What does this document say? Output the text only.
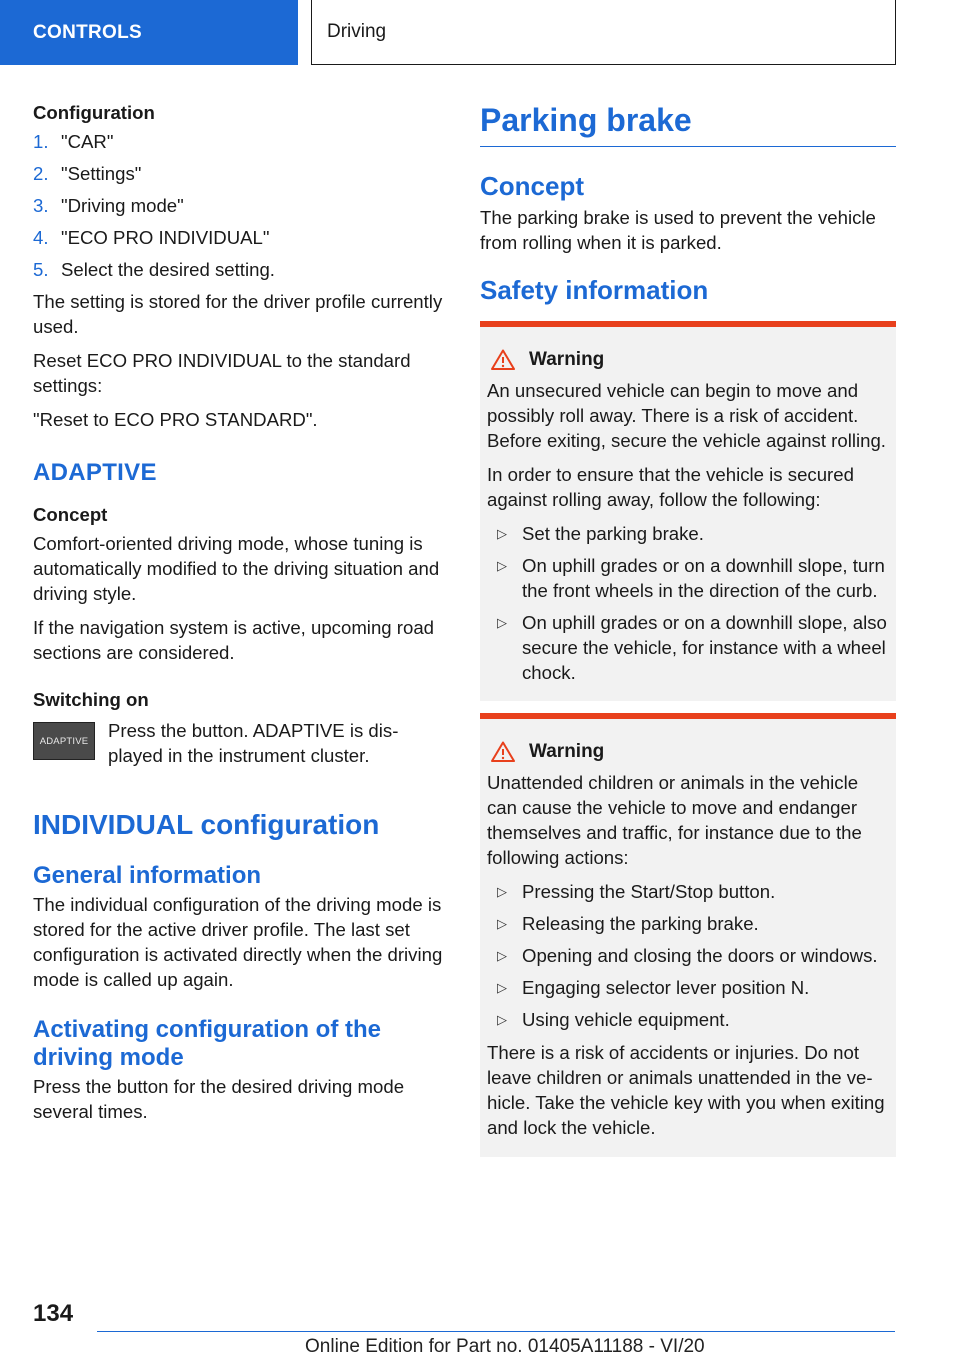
CONTROLS	Driving
Configuration
1. "CAR"
2. "Settings"
3. "Driving mode"
4. "ECO PRO INDIVIDUAL"
5. Select the desired setting.

The setting is stored for the driver profile currently used.

Reset ECO PRO INDIVIDUAL to the standard settings:

"Reset to ECO PRO STANDARD".

ADAPTIVE
Concept

Comfort-oriented driving mode, whose tuning is automatically modified to the driving situation and driving style.

If the navigation system is active, upcoming road sections are considered.

Switching on
ADAPTIVE	Press the button. ADAPTIVE is displayed in the instrument cluster.

INDIVIDUAL configuration
General information

The individual configuration of the driving mode is stored for the active driver profile. The last set configuration is activated directly when the driving mode is called up again.

Activating configuration of the driving mode

Press the button for the desired driving mode several times.

Parking brake
Concept

The parking brake is used to prevent the vehicle from rolling when it is parked.

Safety information
Warning

An unsecured vehicle can begin to move and possibly roll away. There is a risk of accident. Before exiting, secure the vehicle against rolling.

In order to ensure that the vehicle is secured against rolling away, follow the following:

▷ Set the parking brake.
▷ On uphill grades or on a downhill slope, turn the front wheels in the direction of the curb.
▷ On uphill grades or on a downhill slope, also secure the vehicle, for instance with a wheel chock.
Warning

Unattended children or animals in the vehicle can cause the vehicle to move and endanger themselves and traffic, for instance due to the following actions:

▷ Pressing the Start/Stop button.
▷ Releasing the parking brake.
▷ Opening and closing the doors or windows.
▷ Engaging selector lever position N.
▷ Using vehicle equipment.

There is a risk of accidents or injuries. Do not leave children or animals unattended in the vehicle. Take the vehicle key with you when exiting and lock the vehicle.

134
Online Edition for Part no. 01405A11188 - VI/20
